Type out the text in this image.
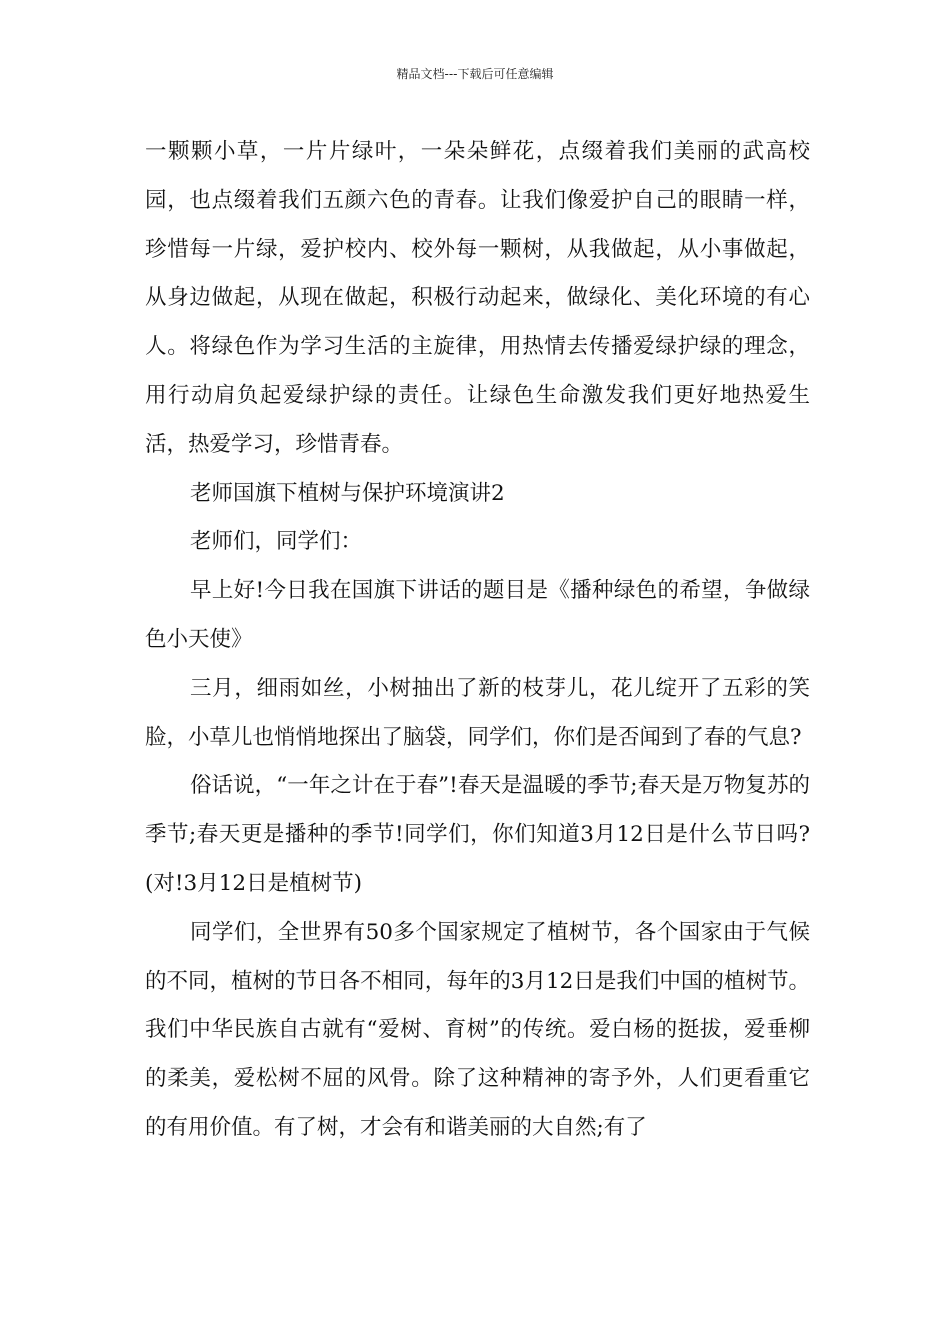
精品文档---下载后可任意编辑

一颗颗小草，一片片绿叶，一朵朵鲜花，点缀着我们美丽的武高校园，也点缀着我们五颜六色的青春。让我们像爱护自己的眼睛一样，珍惜每一片绿，爱护校内、校外每一颗树，从我做起，从小事做起，从身边做起，从现在做起，积极行动起来，做绿化、美化环境的有心人。将绿色作为学习生活的主旋律，用热情去传播爱绿护绿的理念，用行动肩负起爱绿护绿的责任。让绿色生命激发我们更好地热爱生活，热爱学习，珍惜青春。

老师国旗下植树与保护环境演讲2

老师们，同学们：

早上好!今日我在国旗下讲话的题目是《播种绿色的希望，争做绿色小天使》

三月，细雨如丝，小树抽出了新的枝芽儿，花儿绽开了五彩的笑脸，小草儿也悄悄地探出了脑袋，同学们，你们是否闻到了春的气息?

俗话说，“一年之计在于春”!春天是温暖的季节;春天是万物复苏的季节;春天更是播种的季节!同学们，你们知道3月12日是什么节日吗?(对!3月12日是植树节)

同学们，全世界有50多个国家规定了植树节，各个国家由于气候的不同，植树的节日各不相同，每年的3月12日是我们中国的植树节。我们中华民族自古就有“爱树、育树”的传统。爱白杨的挺拔，爱垂柳的柔美，爱松树不屈的风骨。除了这种精神的寄予外，人们更看重它的有用价值。有了树，才会有和谐美丽的大自然;有了
